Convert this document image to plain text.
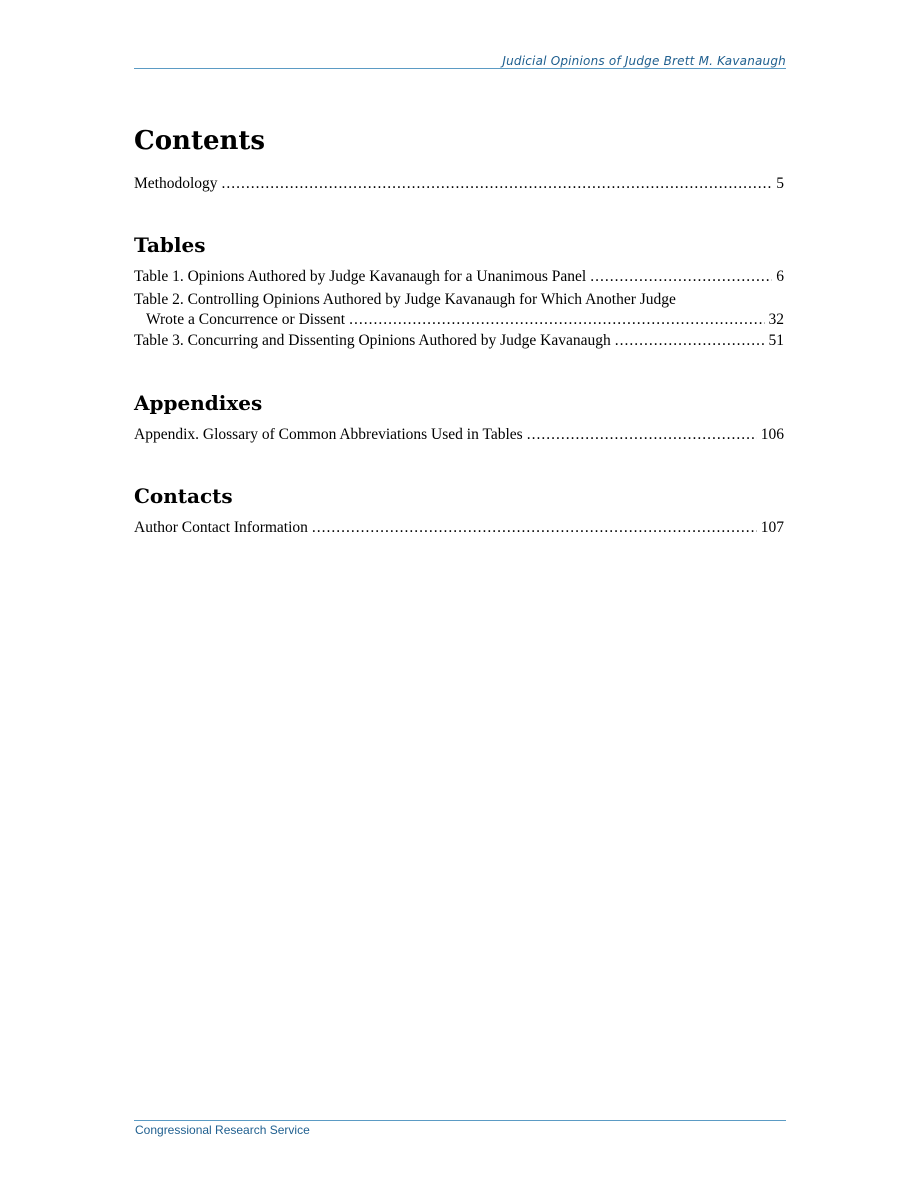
Judicial Opinions of Judge Brett M. Kavanaugh
Contents
Methodology .....	5
Tables
Table 1. Opinions Authored by Judge Kavanaugh for a Unanimous Panel .....	6
Table 2. Controlling Opinions Authored by Judge Kavanaugh for Which Another Judge
Wrote a Concurrence or Dissent .....	32
Table 3. Concurring and Dissenting Opinions Authored by Judge Kavanaugh .....	51
Appendixes
Appendix. Glossary of Common Abbreviations Used in Tables .....	106
Contacts
Author Contact Information .....	107
Congressional Research Service
